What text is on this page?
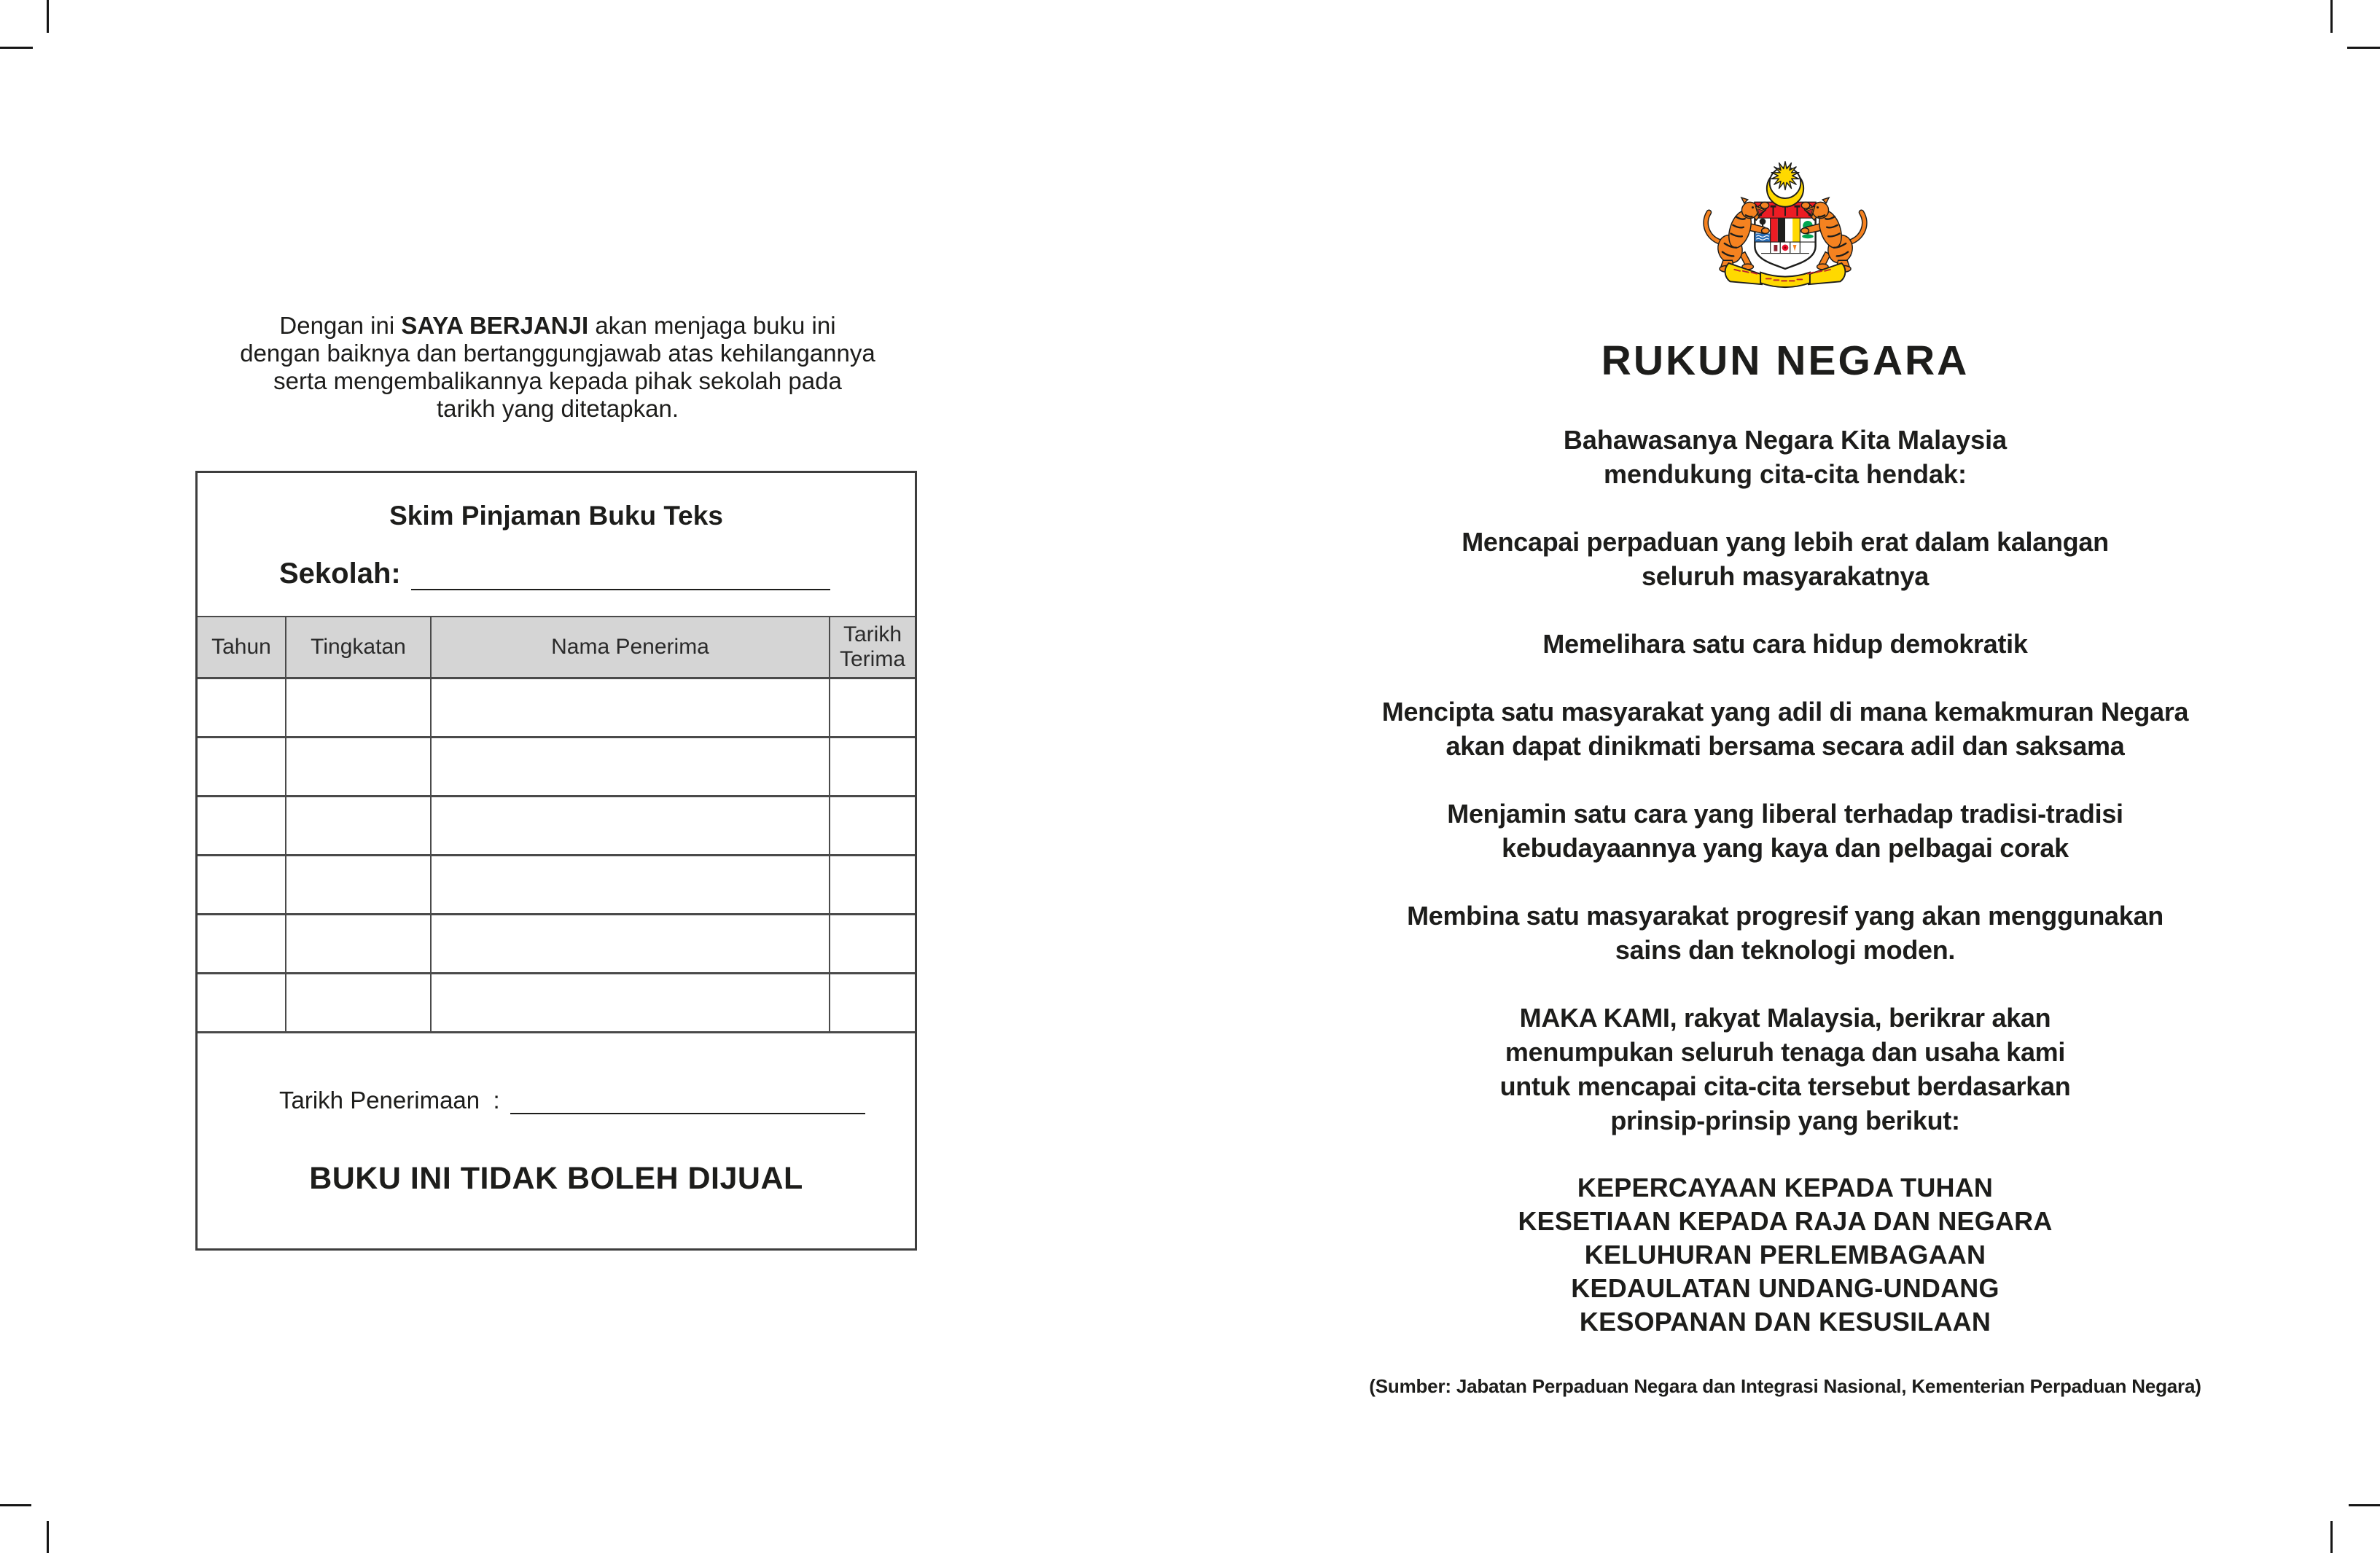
Dengan ini SAYA BERJANJI akan menjaga buku ini
dengan baiknya dan bertanggungjawab atas kehilangannya
serta mengembalikannya kepada pihak sekolah pada
tarikh yang ditetapkan.
Skim Pinjaman Buku Teks
Sekolah:
Tahun	Tingkatan	Nama Penerima	Tarikh Terima

Tarikh Penerimaan  :
BUKU INI TIDAK BOLEH DIJUAL
RUKUN NEGARA
Bahawasanya Negara Kita Malaysia
mendukung cita-cita hendak:
Mencapai perpaduan yang lebih erat dalam kalangan
seluruh masyarakatnya
Memelihara satu cara hidup demokratik
Mencipta satu masyarakat yang adil di mana kemakmuran Negara
akan dapat dinikmati bersama secara adil dan saksama
Menjamin satu cara yang liberal terhadap tradisi-tradisi
kebudayaannya yang kaya dan pelbagai corak
Membina satu masyarakat progresif yang akan menggunakan
sains dan teknologi moden.
MAKA KAMI, rakyat Malaysia, berikrar akan
menumpukan seluruh tenaga dan usaha kami
untuk mencapai cita-cita tersebut berdasarkan
prinsip-prinsip yang berikut:
KEPERCAYAAN KEPADA TUHAN
KESETIAAN KEPADA RAJA DAN NEGARA
KELUHURAN PERLEMBAGAAN
KEDAULATAN UNDANG-UNDANG
KESOPANAN DAN KESUSILAAN
(Sumber: Jabatan Perpaduan Negara dan Integrasi Nasional, Kementerian Perpaduan Negara)
